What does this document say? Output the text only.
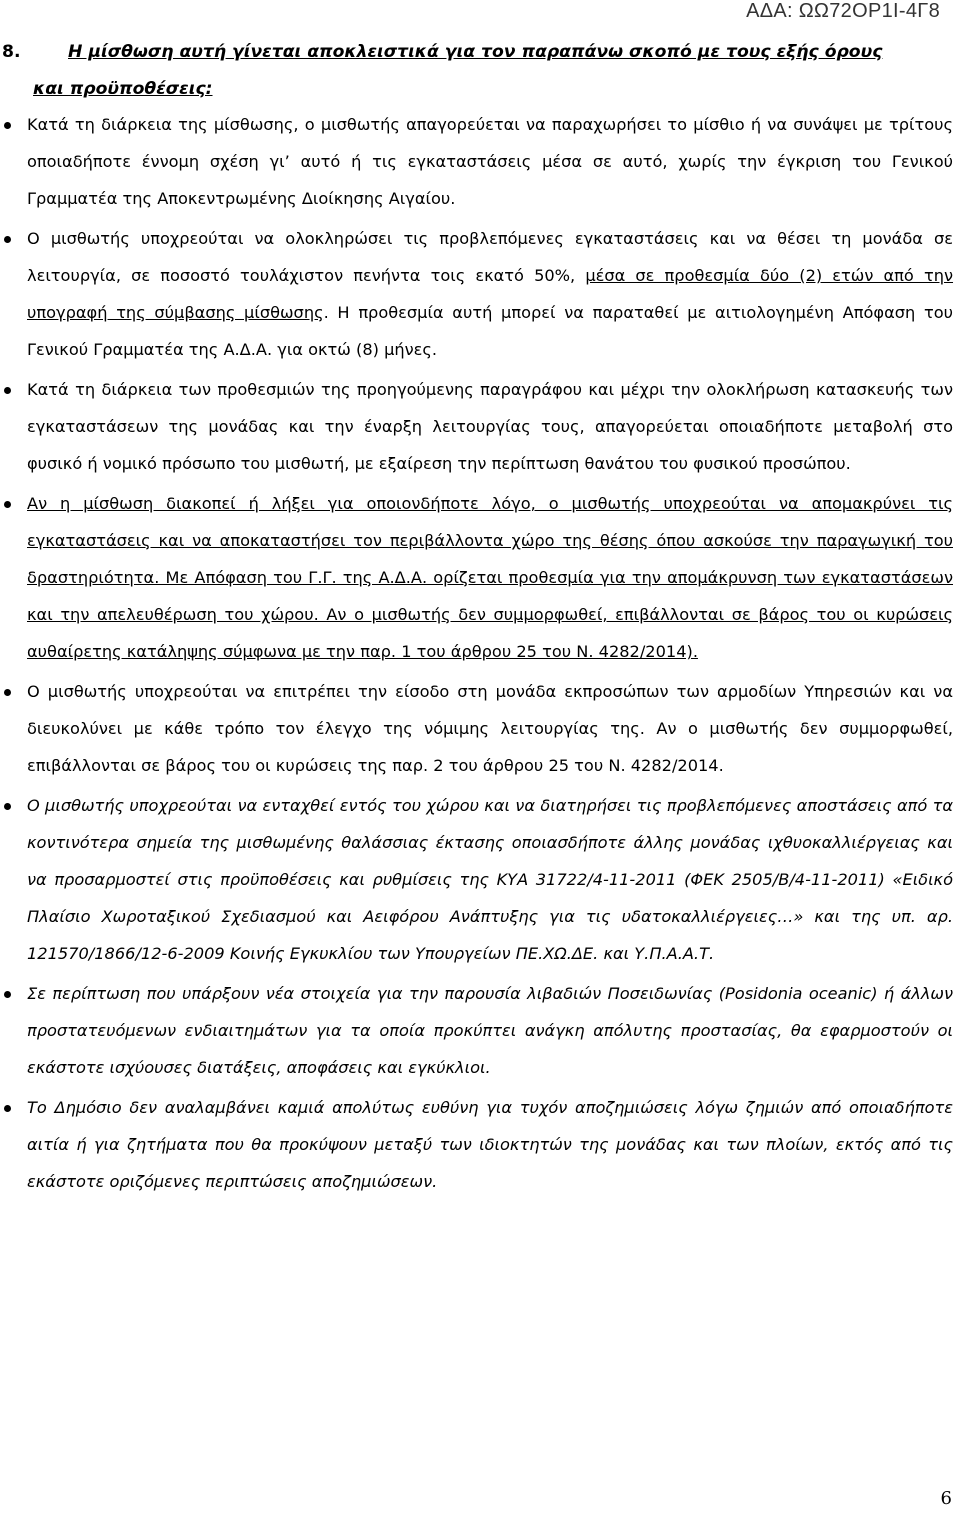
ΑΔΑ: ΩΩ72ΟΡ1Ι-4Γ8
8.	Η μίσθωση αυτή γίνεται αποκλειστικά για τον παραπάνω σκοπό με τους εξής όρους
και προϋποθέσεις:
Κατά τη διάρκεια της μίσθωσης, ο μισθωτής απαγορεύεται να παραχωρήσει το μίσθιο ή να συνάψει με τρίτους οποιαδήποτε έννομη σχέση γι’ αυτό ή τις εγκαταστάσεις μέσα σε αυτό, χωρίς την έγκριση του Γενικού Γραμματέα της Αποκεντρωμένης Διοίκησης Αιγαίου.
Ο μισθωτής υποχρεούται να ολοκληρώσει τις προβλεπόμενες εγκαταστάσεις και να θέσει τη μονάδα σε λειτουργία, σε ποσοστό τουλάχιστον πενήντα τοις εκατό 50%, μέσα σε προθεσμία δύο (2) ετών από την υπογραφή της σύμβασης μίσθωσης. Η προθεσμία αυτή μπορεί να παραταθεί με αιτιολογημένη Απόφαση του Γενικού Γραμματέα της Α.Δ.Α. για οκτώ (8) μήνες.
Κατά τη διάρκεια των προθεσμιών της προηγούμενης παραγράφου και μέχρι την ολοκλήρωση κατασκευής των εγκαταστάσεων της μονάδας και την έναρξη λειτουργίας τους, απαγορεύεται οποιαδήποτε μεταβολή στο φυσικό ή νομικό πρόσωπο του μισθωτή, με εξαίρεση την περίπτωση θανάτου του φυσικού προσώπου.
Αν η μίσθωση διακοπεί ή λήξει για οποιονδήποτε λόγο, ο μισθωτής υποχρεούται να απομακρύνει τις εγκαταστάσεις και να αποκαταστήσει τον περιβάλλοντα χώρο της θέσης όπου ασκούσε την παραγωγική του δραστηριότητα. Με Απόφαση του Γ.Γ. της Α.Δ.Α. ορίζεται προθεσμία για την απομάκρυνση των εγκαταστάσεων και την απελευθέρωση του χώρου. Αν ο μισθωτής δεν συμμορφωθεί, επιβάλλονται σε βάρος του οι κυρώσεις αυθαίρετης κατάληψης σύμφωνα με την παρ. 1 του άρθρου 25 του Ν. 4282/2014).
Ο μισθωτής υποχρεούται να επιτρέπει την είσοδο στη μονάδα εκπροσώπων των αρμοδίων Υπηρεσιών και να διευκολύνει με κάθε τρόπο τον έλεγχο της νόμιμης λειτουργίας της. Αν ο μισθωτής δεν συμμορφωθεί, επιβάλλονται σε βάρος του οι κυρώσεις της παρ. 2 του άρθρου 25 του Ν. 4282/2014.
Ο μισθωτής υποχρεούται να ενταχθεί εντός του χώρου και να διατηρήσει τις προβλεπόμενες αποστάσεις από τα κοντινότερα σημεία της μισθωμένης θαλάσσιας έκτασης οποιασδήποτε άλλης μονάδας ιχθυοκαλλιέργειας και να προσαρμοστεί στις προϋποθέσεις και ρυθμίσεις της ΚΥΑ 31722/4-11-2011 (ΦΕΚ 2505/Β/4-11-2011) «Ειδικό Πλαίσιο Χωροταξικού Σχεδιασμού και Αειφόρου Ανάπτυξης για τις υδατοκαλλιέργειες…» και της υπ. αρ. 121570/1866/12-6-2009 Κοινής Εγκυκλίου των Υπουργείων ΠΕ.ΧΩ.ΔΕ. και Υ.Π.Α.Α.Τ.
Σε περίπτωση που υπάρξουν νέα στοιχεία για την παρουσία λιβαδιών Ποσειδωνίας (Posidonia oceanic) ή άλλων προστατευόμενων ενδιαιτημάτων για τα οποία προκύπτει ανάγκη απόλυτης προστασίας, θα εφαρμοστούν οι εκάστοτε ισχύουσες διατάξεις, αποφάσεις και εγκύκλιοι.
Το Δημόσιο δεν αναλαμβάνει καμιά απολύτως ευθύνη για τυχόν αποζημιώσεις λόγω ζημιών από οποιαδήποτε αιτία ή για ζητήματα που θα προκύψουν μεταξύ των ιδιοκτητών της μονάδας και των πλοίων, εκτός από τις εκάστοτε οριζόμενες περιπτώσεις αποζημιώσεων.
6
